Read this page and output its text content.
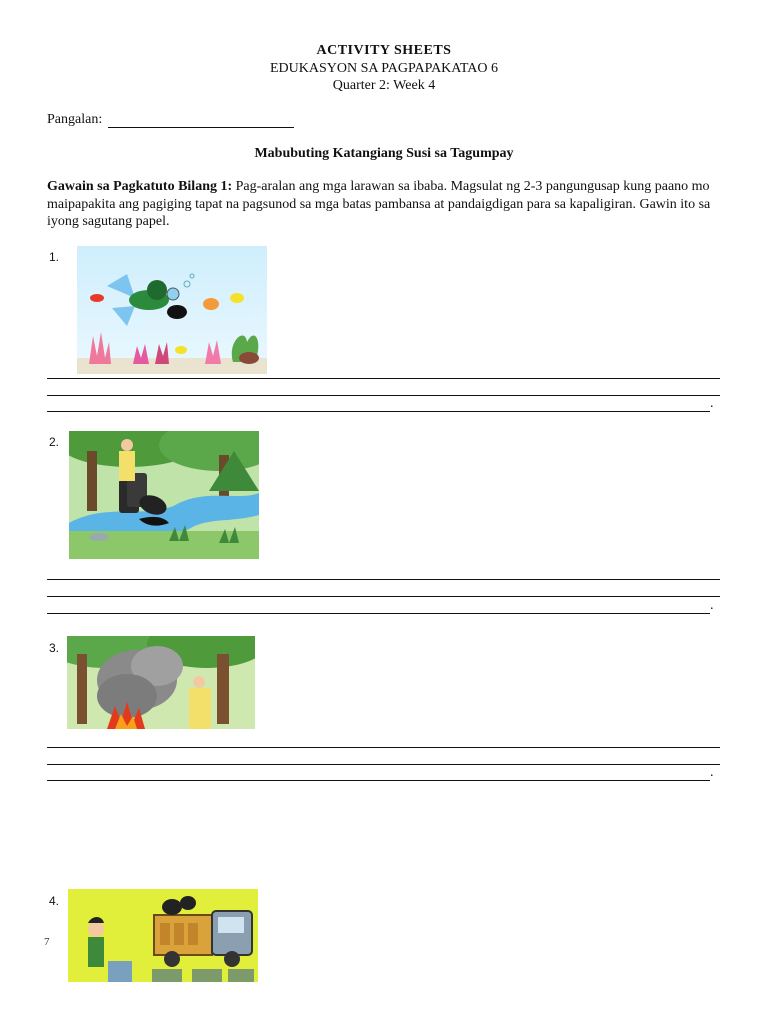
ACTIVITY SHEETS
EDUKASYON SA PAGPAPAKATAO 6
Quarter 2: Week 4
Pangalan:
Mabubuting Katangiang Susi sa Tagumpay
Gawain sa Pagkatuto Bilang 1: Pag-aralan ang mga larawan sa ibaba. Magsulat ng 2-3 pangungusap kung paano mo maipapakita ang pagiging tapat na pagsunod sa mga batas pambansa at pandaigdigan para sa kapaligiran. Gawin ito sa iyong sagutang papel.
1.
.
2.
.
3.
.
4.
7
